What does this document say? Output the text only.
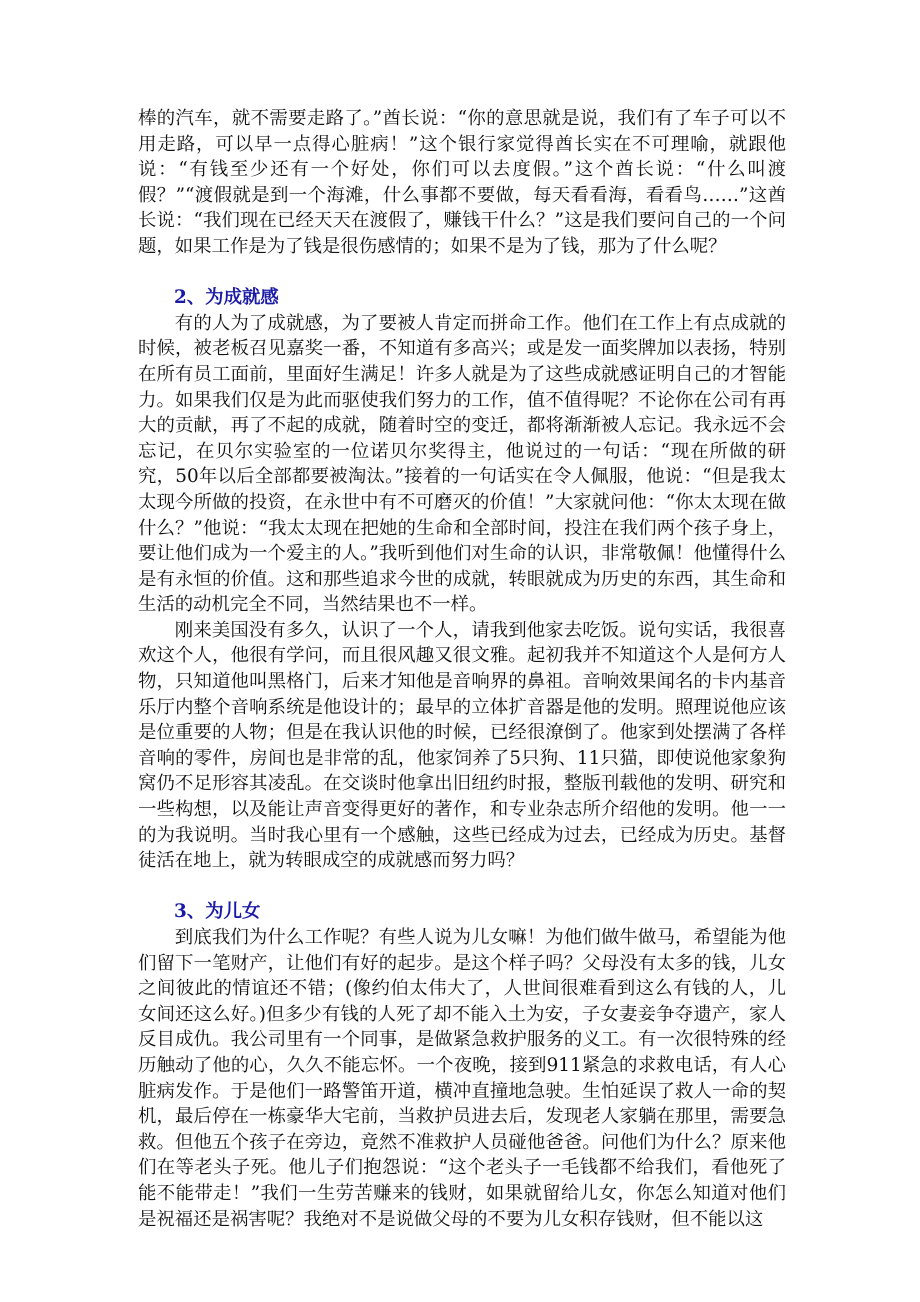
棒的汽车，就不需要走路了。”酋长说：“你的意思就是说，我们有了车子可以不用走路，可以早一点得心脏病！”这个银行家觉得酋长实在不可理喻，就跟他说：“有钱至少还有一个好处，你们可以去度假。”这个酋长说：“什么叫渡假？”“渡假就是到一个海滩，什么事都不要做，每天看看海，看看鸟……”这酋长说：“我们现在已经天天在渡假了，赚钱干什么？”这是我们要问自己的一个问题，如果工作是为了钱是很伤感情的；如果不是为了钱，那为了什么呢？

2、为成就感

有的人为了成就感，为了要被人肯定而拼命工作。他们在工作上有点成就的时候，被老板召见嘉奖一番，不知道有多高兴；或是发一面奖牌加以表扬，特别在所有员工面前，里面好生满足！许多人就是为了这些成就感证明自己的才智能力。如果我们仅是为此而驱使我们努力的工作，值不值得呢？不论你在公司有再大的贡献，再了不起的成就，随着时空的变迁，都将渐渐被人忘记。我永远不会忘记，在贝尔实验室的一位诺贝尔奖得主，他说过的一句话：“现在所做的研究，50年以后全部都要被淘汰。”接着的一句话实在令人佩服，他说：“但是我太太现今所做的投资，在永世中有不可磨灭的价值！”大家就问他：“你太太现在做什么？”他说：“我太太现在把她的生命和全部时间，投注在我们两个孩子身上，要让他们成为一个爱主的人。”我听到他们对生命的认识，非常敬佩！他懂得什么是有永恒的价值。这和那些追求今世的成就，转眼就成为历史的东西，其生命和生活的动机完全不同，当然结果也不一样。

刚来美国没有多久，认识了一个人，请我到他家去吃饭。说句实话，我很喜欢这个人，他很有学问，而且很风趣又很文雅。起初我并不知道这个人是何方人物，只知道他叫黑格门，后来才知他是音响界的鼻祖。音响效果闻名的卡内基音乐厅内整个音响系统是他设计的；最早的立体扩音器是他的发明。照理说他应该是位重要的人物；但是在我认识他的时候，已经很潦倒了。他家到处摆满了各样音响的零件，房间也是非常的乱，他家饲养了5只狗、11只猫，即使说他家象狗窝仍不足形容其凌乱。在交谈时他拿出旧纽约时报，整版刊载他的发明、研究和一些构想，以及能让声音变得更好的著作，和专业杂志所介绍他的发明。他一一的为我说明。当时我心里有一个感触，这些已经成为过去，已经成为历史。基督徒活在地上，就为转眼成空的成就感而努力吗？

3、为儿女

到底我们为什么工作呢？有些人说为儿女嘛！为他们做牛做马，希望能为他们留下一笔财产，让他们有好的起步。是这个样子吗？父母没有太多的钱，儿女之间彼此的情谊还不错；(像约伯太伟大了，人世间很难看到这么有钱的人，儿女间还这么好。)但多少有钱的人死了却不能入土为安，子女妻妾争夺遗产，家人反目成仇。我公司里有一个同事，是做紧急救护服务的义工。有一次很特殊的经历触动了他的心，久久不能忘怀。一个夜晚，接到911紧急的求救电话，有人心脏病发作。于是他们一路警笛开道，横冲直撞地急驶。生怕延误了救人一命的契机，最后停在一栋豪华大宅前，当救护员进去后，发现老人家躺在那里，需要急救。但他五个孩子在旁边，竟然不准救护人员碰他爸爸。问他们为什么？原来他们在等老头子死。他儿子们抱怨说：“这个老头子一毛钱都不给我们，看他死了能不能带走！”我们一生劳苦赚来的钱财，如果就留给儿女，你怎么知道对他们是祝福还是祸害呢？我绝对不是说做父母的不要为儿女积存钱财，但不能以这
